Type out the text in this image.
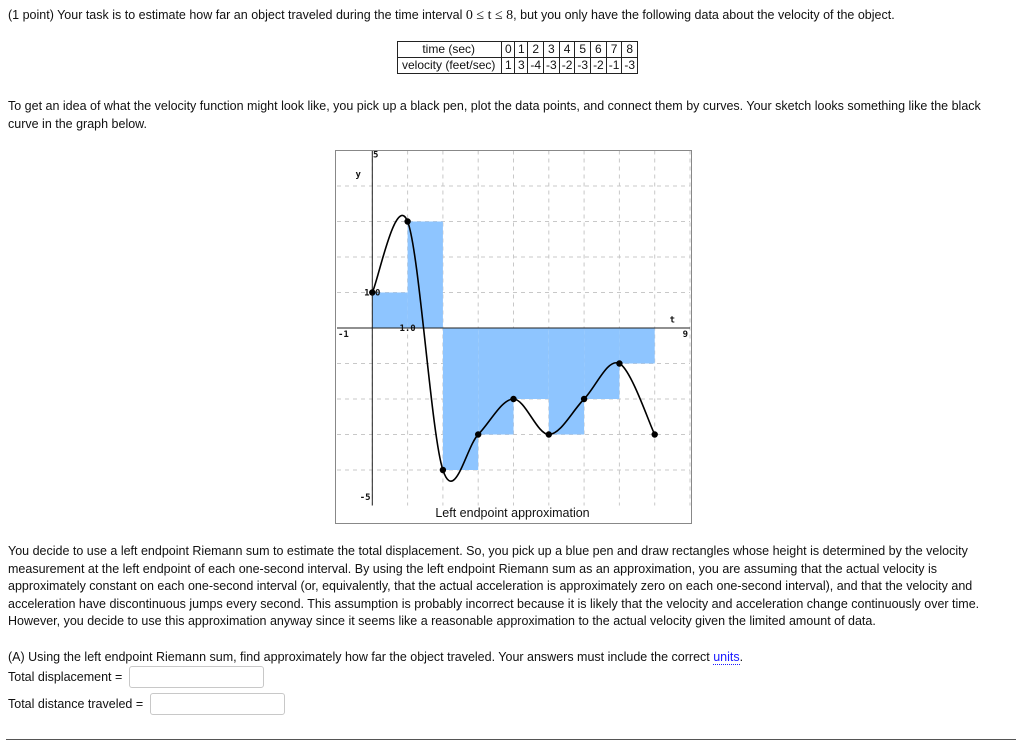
(1 point) Your task is to estimate how far an object traveled during the time interval 0 ≤ t ≤ 8, but you only have the following data about the velocity of the object.
time (sec)	0	1	2	3	4	5	6	7	8
velocity (feet/sec)	1	3	-4	-3	-2	-3	-2	-1	-3
To get an idea of what the velocity function might look like, you pick up a black pen, plot the data points, and connect them by curves. Your sketch looks something like the black curve in the graph below.
y
t
5
-5
-1	9
1.0
1.0
Left endpoint approximation
You decide to use a left endpoint Riemann sum to estimate the total displacement. So, you pick up a blue pen and draw rectangles whose height is determined by the velocity measurement at the left endpoint of each one-second interval. By using the left endpoint Riemann sum as an approximation, you are assuming that the actual velocity is approximately constant on each one-second interval (or, equivalently, that the actual acceleration is approximately zero on each one-second interval), and that the velocity and acceleration have discontinuous jumps every second. This assumption is probably incorrect because it is likely that the velocity and acceleration change continuously over time. However, you decide to use this approximation anyway since it seems like a reasonable approximation to the actual velocity given the limited amount of data.
(A) Using the left endpoint Riemann sum, find approximately how far the object traveled. Your answers must include the correct units.
Total displacement =
Total distance traveled =
